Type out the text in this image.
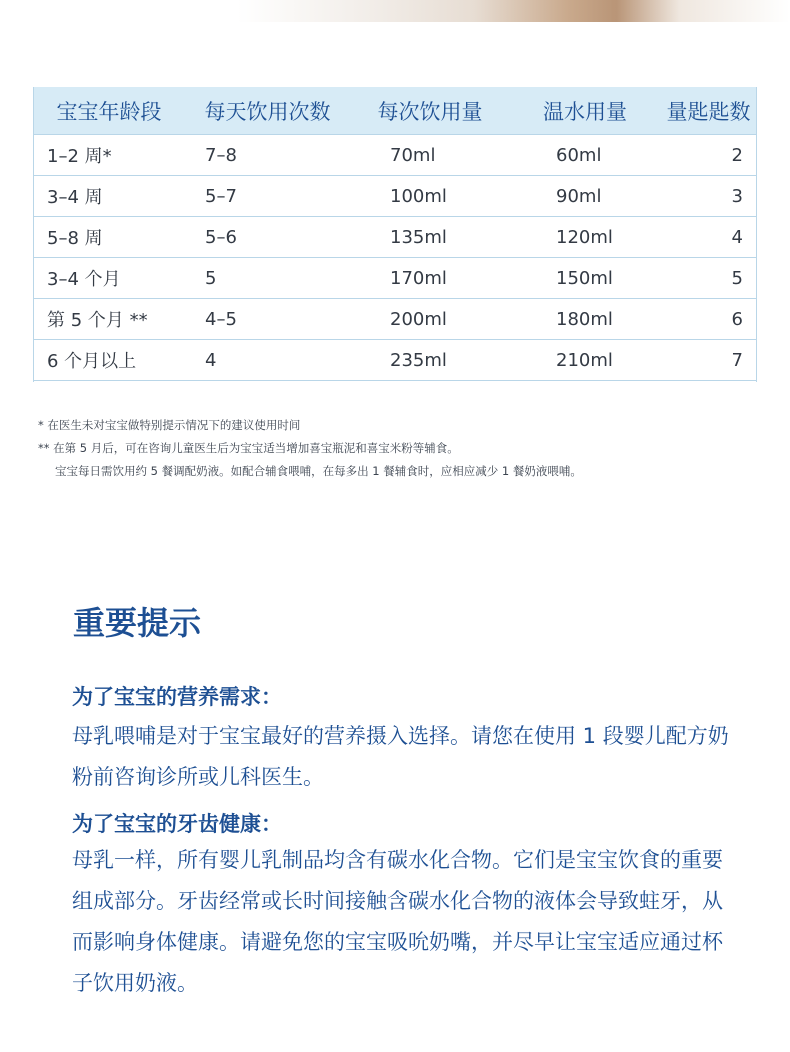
宝宝年龄段	每天饮用次数	每次饮用量	温水用量	量匙匙数
1–2 周*	7–8	70ml	60ml	2
3–4 周	5–7	100ml	90ml	3
5–8 周	5–6	135ml	120ml	4
3–4 个月	5	170ml	150ml	5
第 5 个月 **	4–5	200ml	180ml	6
6 个月以上	4	235ml	210ml	7
* 在医生未对宝宝做特别提示情况下的建议使用时间
** 在第 5 月后，可在咨询儿童医生后为宝宝适当增加喜宝瓶泥和喜宝米粉等辅食。
宝宝每日需饮用约 5 餐调配奶液。如配合辅食喂哺，在每多出 1 餐辅食时，应相应减少 1 餐奶液喂哺。
重要提示
为了宝宝的营养需求：

母乳喂哺是对于宝宝最好的营养摄入选择。请您在使用 1 段婴儿配方奶粉前咨询诊所或儿科医生。

为了宝宝的牙齿健康：

母乳一样，所有婴儿乳制品均含有碳水化合物。它们是宝宝饮食的重要组成部分。牙齿经常或长时间接触含碳水化合物的液体会导致蛀牙，从而影响身体健康。请避免您的宝宝吸吮奶嘴，并尽早让宝宝适应通过杯子饮用奶液。
